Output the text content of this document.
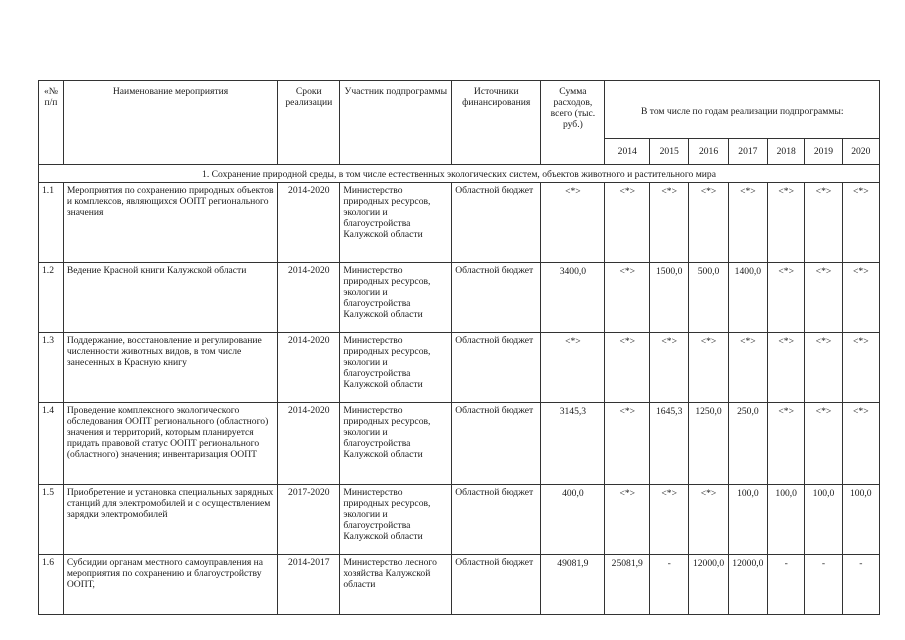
«№ п/п	Наименование мероприятия	Сроки реализации	Участник подпрограммы	Источники финансирования	Сумма расходов, всего (тыс. руб.)	В том числе по годам реализации подпрограммы:						
						2014	2015	2016	2017	2018	2019	2020
1. Сохранение природной среды, в том числе естественных экологических систем, объектов животного и растительного мира												
1.1	Мероприятия по сохранению природных объектов и комплексов, являющихся ООПТ регионального значения	2014-2020	Министерство природных ресурсов, экологии и благоустройства Калужской области	Областной бюджет	<*>	<*>	<*>	<*>	<*>	<*>	<*>	<*>
1.2	Ведение Красной книги Калужской области	2014-2020	Министерство природных ресурсов, экологии и благоустройства Калужской области	Областной бюджет	3400,0	<*>	1500,0	500,0	1400,0	<*>	<*>	<*>
1.3	Поддержание, восстановление и регулирование численности животных видов, в том числе занесенных в Красную книгу	2014-2020	Министерство природных ресурсов, экологии и благоустройства Калужской области	Областной бюджет	<*>	<*>	<*>	<*>	<*>	<*>	<*>	<*>
1.4	Проведение комплексного экологического обследования ООПТ регионального (областного) значения и территорий, которым планируется придать правовой статус ООПТ регионального (областного) значения; инвентаризация ООПТ	2014-2020	Министерство природных ресурсов, экологии и благоустройства Калужской области	Областной бюджет	3145,3	<*>	1645,3	1250,0	250,0	<*>	<*>	<*>
1.5	Приобретение и установка специальных зарядных станций для электромобилей и с осуществлением зарядки электромобилей	2017-2020	Министерство природных ресурсов, экологии и благоустройства Калужской области	Областной бюджет	400,0	<*>	<*>	<*>	100,0	100,0	100,0	100,0
1.6	Субсидии органам местного самоуправления на мероприятия по сохранению и благоустройству ООПТ,	2014-2017	Министерство лесного хозяйства Калужской области	Областной бюджет	49081,9	25081,9	-	12000,0	12000,0	-	-	-
